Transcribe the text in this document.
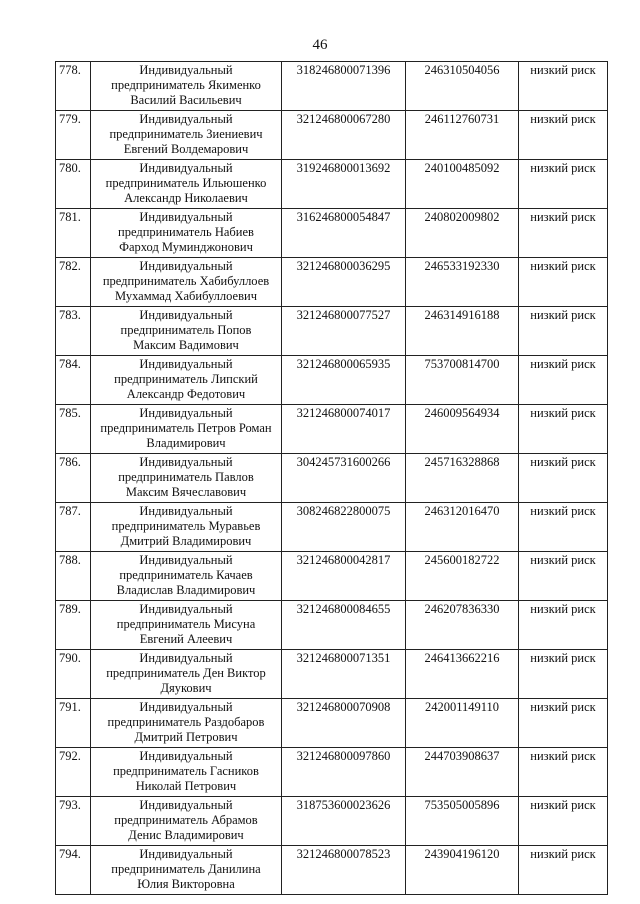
46
778.	Индивидуальный
предприниматель Якименко
Василий Васильевич	318246800071396	246310504056	низкий риск
779.	Индивидуальный
предприниматель Зиениевич
Евгений Волдемарович	321246800067280	246112760731	низкий риск
780.	Индивидуальный
предприниматель Ильюшенко
Александр Николаевич	319246800013692	240100485092	низкий риск
781.	Индивидуальный
предприниматель Набиев
Фарход Муминджонович	316246800054847	240802009802	низкий риск
782.	Индивидуальный
предприниматель Хабибуллоев
Мухаммад Хабибуллоевич	321246800036295	246533192330	низкий риск
783.	Индивидуальный
предприниматель Попов
Максим Вадимович	321246800077527	246314916188	низкий риск
784.	Индивидуальный
предприниматель Липский
Александр Федотович	321246800065935	753700814700	низкий риск
785.	Индивидуальный
предприниматель Петров Роман
Владимирович	321246800074017	246009564934	низкий риск
786.	Индивидуальный
предприниматель Павлов
Максим Вячеславович	304245731600266	245716328868	низкий риск
787.	Индивидуальный
предприниматель Муравьев
Дмитрий Владимирович	308246822800075	246312016470	низкий риск
788.	Индивидуальный
предприниматель Качаев
Владислав Владимирович	321246800042817	245600182722	низкий риск
789.	Индивидуальный
предприниматель Мисуна
Евгений Алеевич	321246800084655	246207836330	низкий риск
790.	Индивидуальный
предприниматель Ден Виктор
Дяукович	321246800071351	246413662216	низкий риск
791.	Индивидуальный
предприниматель Раздобаров
Дмитрий Петрович	321246800070908	242001149110	низкий риск
792.	Индивидуальный
предприниматель Гасников
Николай Петрович	321246800097860	244703908637	низкий риск
793.	Индивидуальный
предприниматель Абрамов
Денис Владимирович	318753600023626	753505005896	низкий риск
794.	Индивидуальный
предприниматель Данилина
Юлия Викторовна	321246800078523	243904196120	низкий риск
